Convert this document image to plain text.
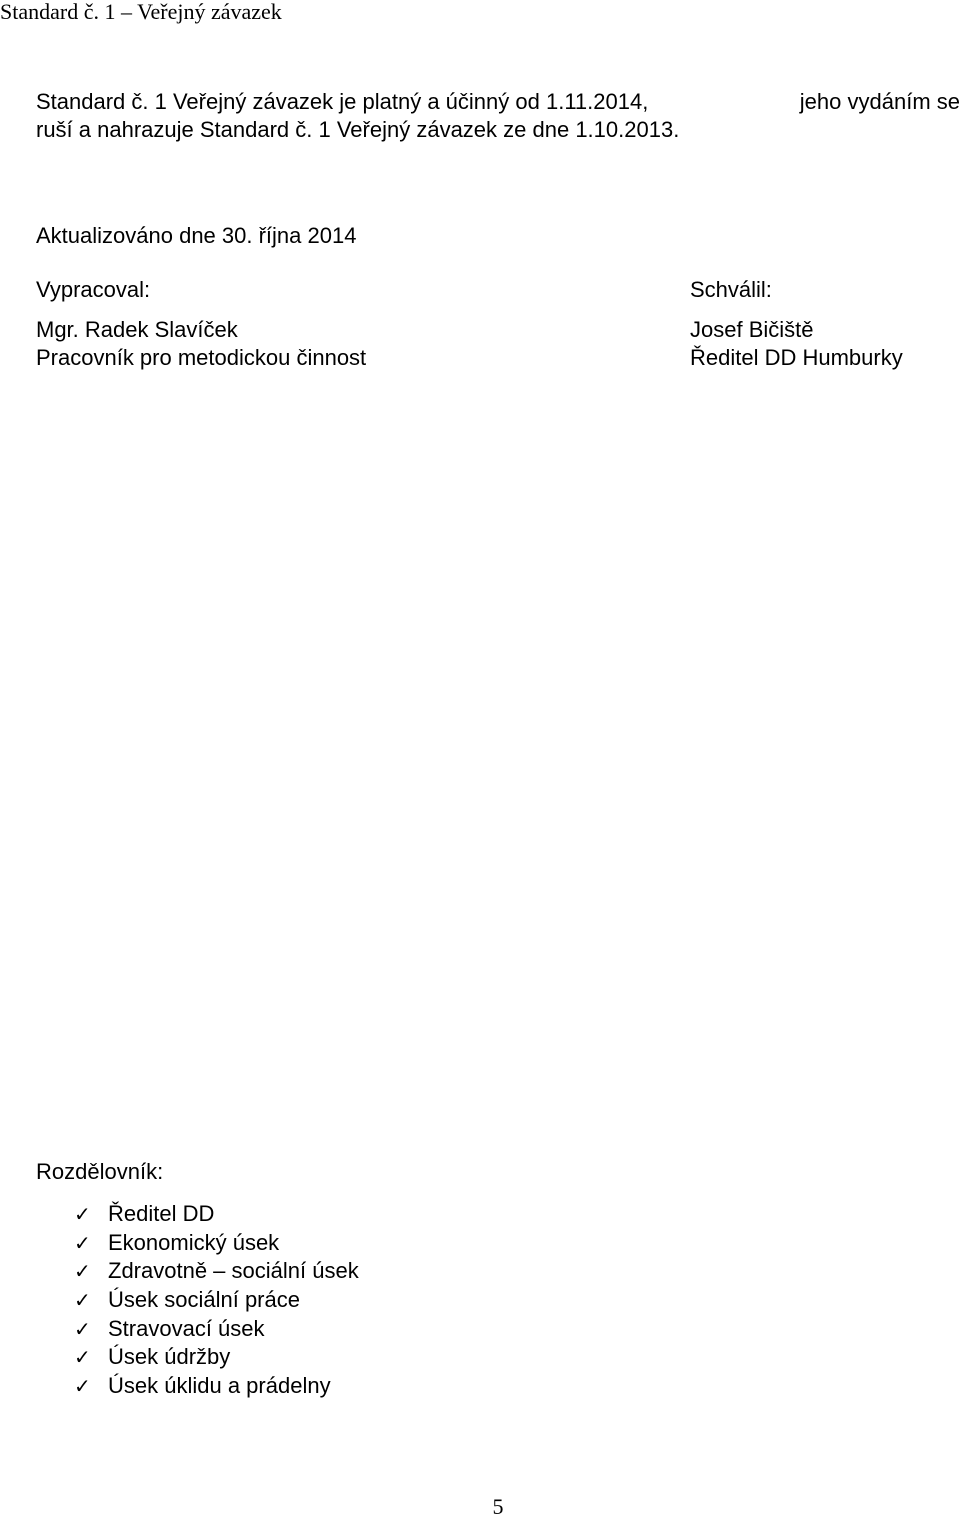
Standard č. 1 – Veřejný závazek
Standard č. 1 Veřejný závazek je platný a účinný od 1.11.2014,	jeho vydáním se
ruší a nahrazuje Standard č. 1 Veřejný závazek ze dne 1.10.2013.
Aktualizováno dne 30. října 2014
Vypracoval:
Mgr. Radek Slavíček
Pracovník pro metodickou činnost
Schválil:
Josef Bičiště
Ředitel DD Humburky
Rozdělovník:
✓ Ředitel DD
✓ Ekonomický úsek
✓ Zdravotně – sociální úsek
✓ Úsek sociální práce
✓ Stravovací úsek
✓ Úsek údržby
✓ Úsek úklidu a prádelny
5
